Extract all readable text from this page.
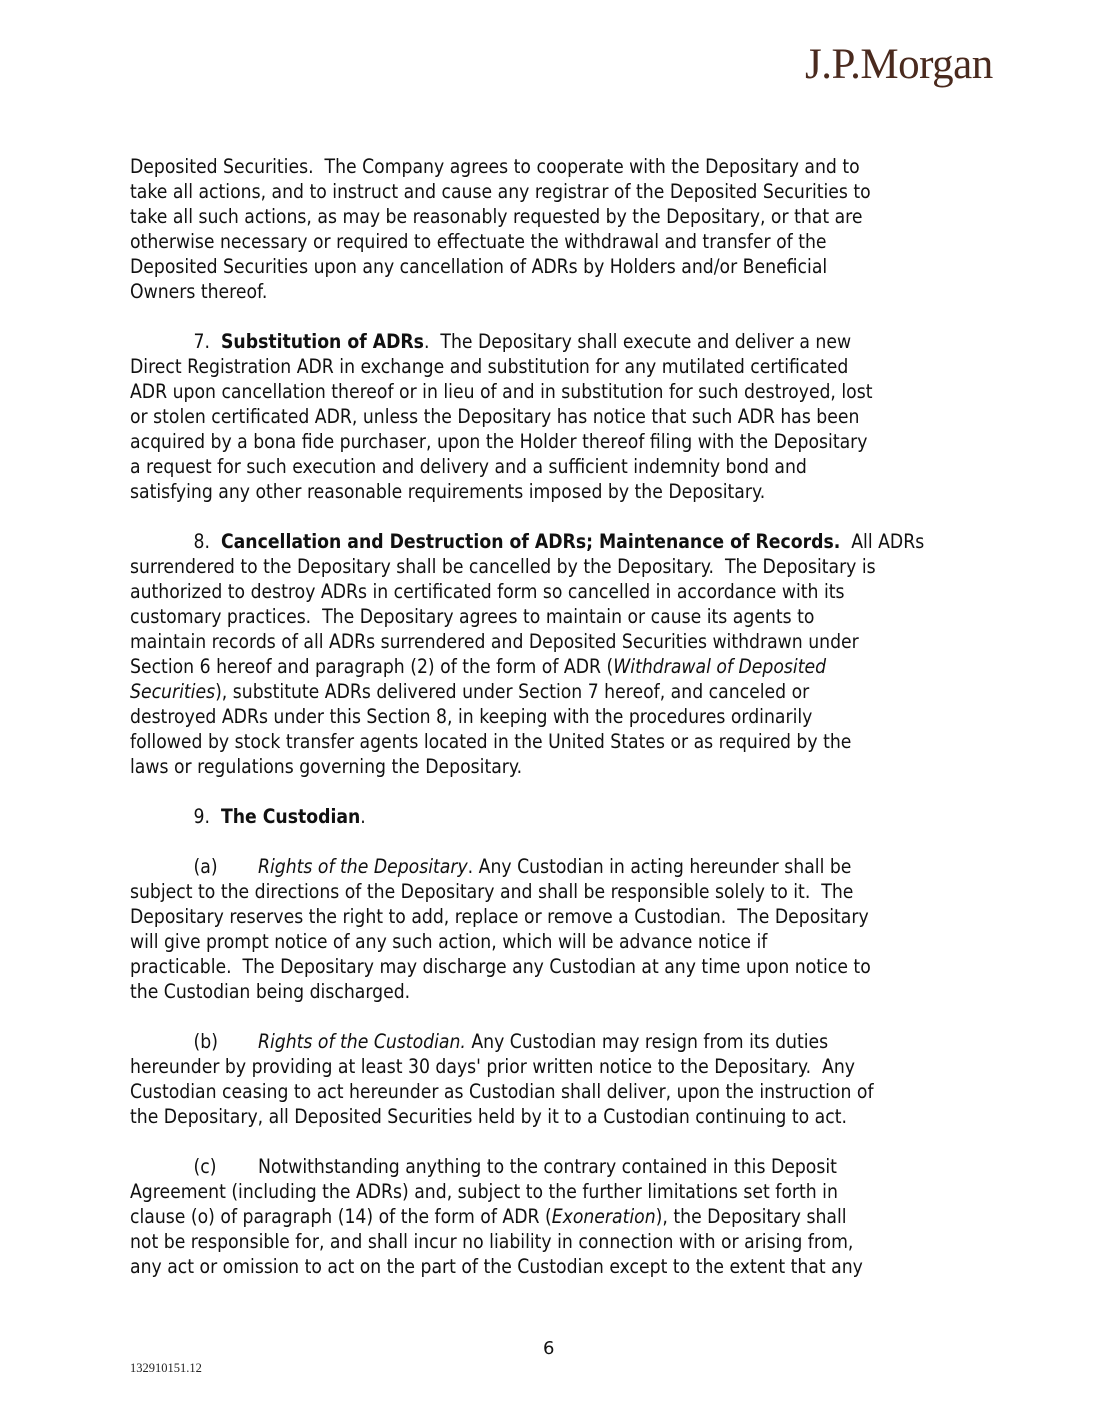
J.P.Morgan
Deposited Securities.  The Company agrees to cooperate with the Depositary and to
take all actions, and to instruct and cause any registrar of the Deposited Securities to
take all such actions, as may be reasonably requested by the Depositary, or that are
otherwise necessary or required to effectuate the withdrawal and transfer of the
Deposited Securities upon any cancellation of ADRs by Holders and/or Beneficial
Owners thereof.
7. Substitution of ADRs.  The Depositary shall execute and deliver a new
Direct Registration ADR in exchange and substitution for any mutilated certificated
ADR upon cancellation thereof or in lieu of and in substitution for such destroyed, lost
or stolen certificated ADR, unless the Depositary has notice that such ADR has been
acquired by a bona fide purchaser, upon the Holder thereof filing with the Depositary
a request for such execution and delivery and a sufficient indemnity bond and
satisfying any other reasonable requirements imposed by the Depositary.
8. Cancellation and Destruction of ADRs; Maintenance of Records.  All ADRs
surrendered to the Depositary shall be cancelled by the Depositary.  The Depositary is
authorized to destroy ADRs in certificated form so cancelled in accordance with its
customary practices.  The Depositary agrees to maintain or cause its agents to
maintain records of all ADRs surrendered and Deposited Securities withdrawn under
Section 6 hereof and paragraph (2) of the form of ADR (Withdrawal of Deposited
Securities), substitute ADRs delivered under Section 7 hereof, and canceled or
destroyed ADRs under this Section 8, in keeping with the procedures ordinarily
followed by stock transfer agents located in the United States or as required by the
laws or regulations governing the Depositary.
9. The Custodian.
(a) Rights of the Depositary. Any Custodian in acting hereunder shall be
subject to the directions of the Depositary and shall be responsible solely to it.  The
Depositary reserves the right to add, replace or remove a Custodian.  The Depositary
will give prompt notice of any such action, which will be advance notice if
practicable.  The Depositary may discharge any Custodian at any time upon notice to
the Custodian being discharged.
(b) Rights of the Custodian. Any Custodian may resign from its duties
hereunder by providing at least 30 days' prior written notice to the Depositary.  Any
Custodian ceasing to act hereunder as Custodian shall deliver, upon the instruction of
the Depositary, all Deposited Securities held by it to a Custodian continuing to act.
(c) Notwithstanding anything to the contrary contained in this Deposit
Agreement (including the ADRs) and, subject to the further limitations set forth in
clause (o) of paragraph (14) of the form of ADR (Exoneration), the Depositary shall
not be responsible for, and shall incur no liability in connection with or arising from,
any act or omission to act on the part of the Custodian except to the extent that any
6
132910151.12
